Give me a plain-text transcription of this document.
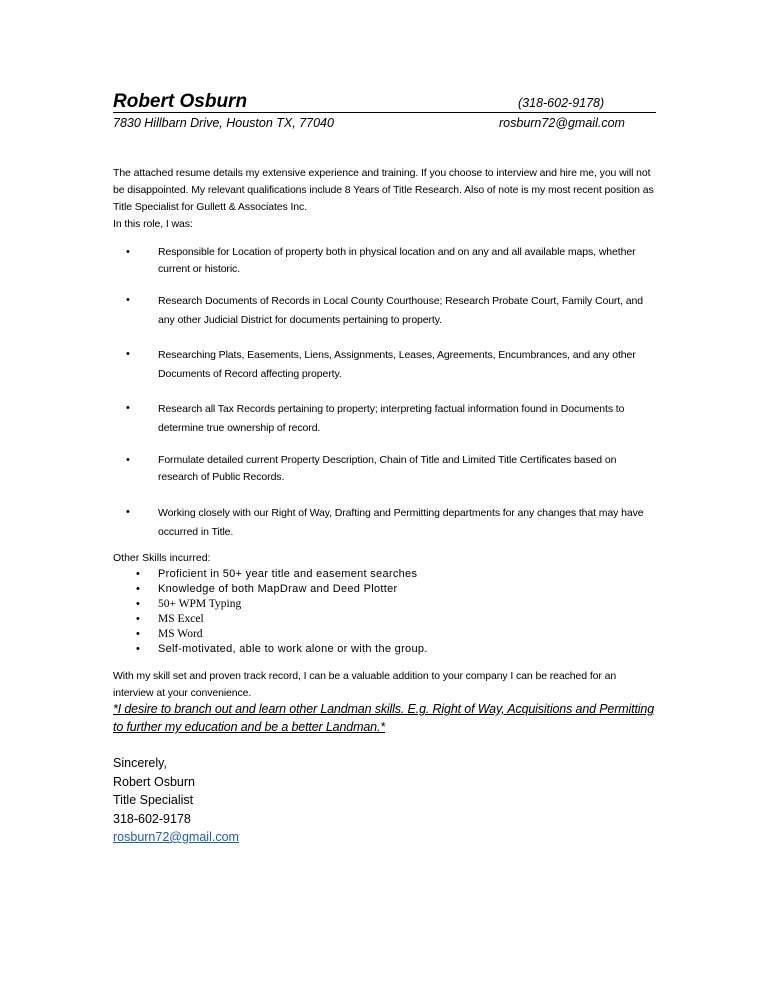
Robert Osburn	(318-602-9178)
7830 Hillbarn Drive, Houston TX, 77040	rosburn72@gmail.com
The attached resume details my extensive experience and training. If you choose to interview and hire me, you will not be disappointed. My relevant qualifications include 8 Years of Title Research. Also of note is my most recent position as Title Specialist for Gullett & Associates Inc.
In this role, I was:
•	Responsible for Location of property both in physical location and on any and all available maps, whether current or historic.
•	Research Documents of Records in Local County Courthouse; Research Probate Court, Family Court, and any other Judicial District for documents pertaining to property.
•	Researching Plats, Easements, Liens, Assignments, Leases, Agreements, Encumbrances, and any other Documents of Record affecting property.
•	Research all Tax Records pertaining to property; interpreting factual information found in Documents to determine true ownership of record.
•	Formulate detailed current Property Description, Chain of Title and Limited Title Certificates based on research of Public Records.
•	Working closely with our Right of Way, Drafting and Permitting departments for any changes that may have occurred in Title.
Other Skills incurred:
• Proficient in 50+ year title and easement searches
• Knowledge of both MapDraw and Deed Plotter
• 50+ WPM Typing
• MS Excel
• MS Word
• Self-motivated, able to work alone or with the group.
With my skill set and proven track record, I can be a valuable addition to your company I can be reached for an interview at your convenience.
*I desire to branch out and learn other Landman skills. E.g. Right of Way, Acquisitions and Permitting to further my education and be a better Landman.*
Sincerely,
Robert Osburn
Title Specialist
318-602-9178
rosburn72@gmail.com
